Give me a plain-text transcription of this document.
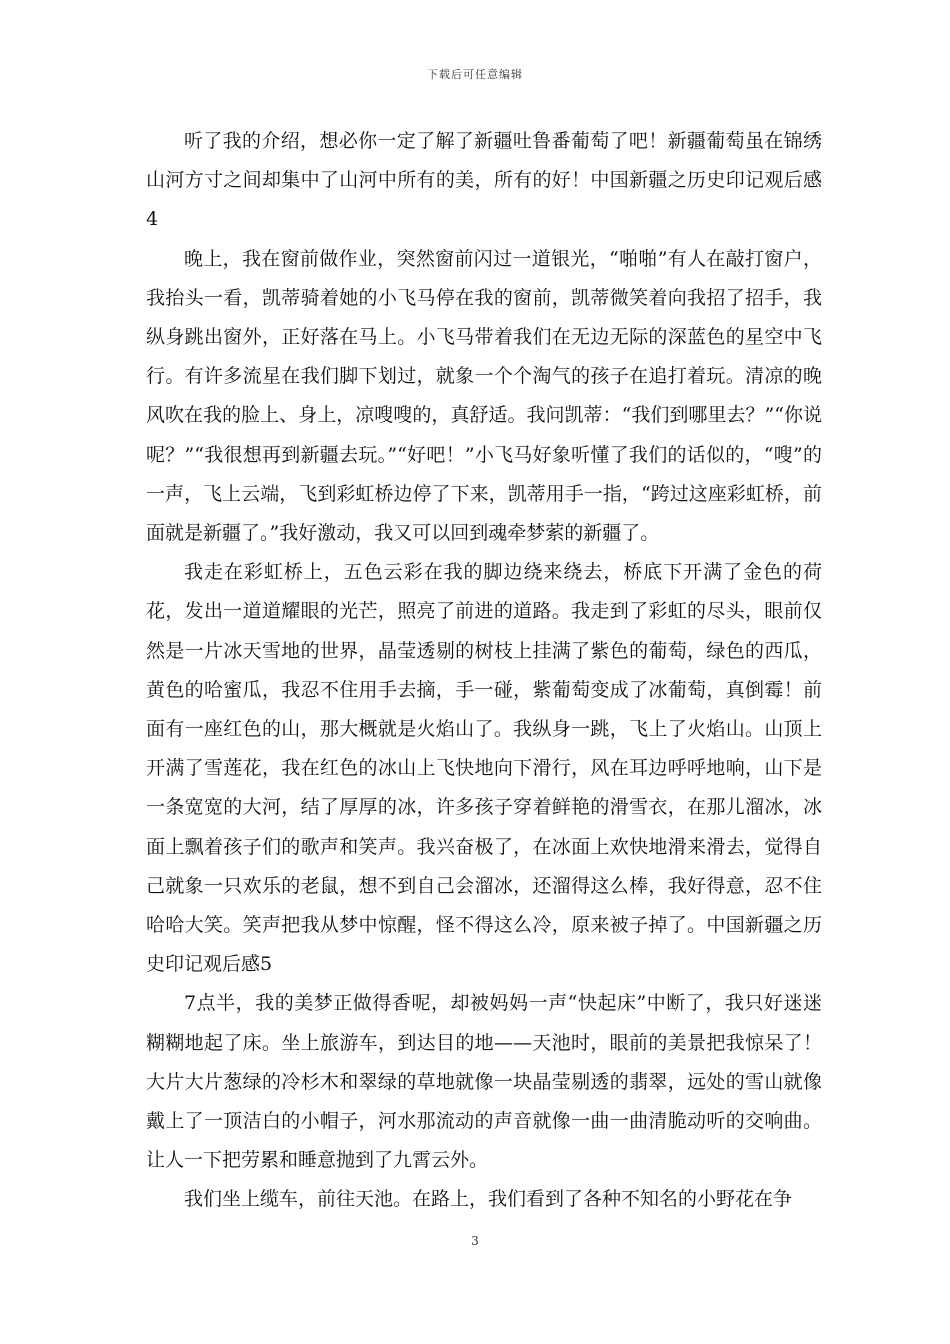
下载后可任意编辑

听了我的介绍，想必你一定了解了新疆吐鲁番葡萄了吧！新疆葡萄虽在锦绣山河方寸之间却集中了山河中所有的美，所有的好！中国新疆之历史印记观后感4

晚上，我在窗前做作业，突然窗前闪过一道银光，“啪啪”有人在敲打窗户，我抬头一看，凯蒂骑着她的小飞马停在我的窗前，凯蒂微笑着向我招了招手，我纵身跳出窗外，正好落在马上。小飞马带着我们在无边无际的深蓝色的星空中飞行。有许多流星在我们脚下划过，就象一个个淘气的孩子在追打着玩。清凉的晚风吹在我的脸上、身上，凉嗖嗖的，真舒适。我问凯蒂：“我们到哪里去？”“你说呢？”“我很想再到新疆去玩。”“好吧！”小飞马好象听懂了我们的话似的，“嗖”的一声，飞上云端，飞到彩虹桥边停了下来，凯蒂用手一指，“跨过这座彩虹桥，前面就是新疆了。”我好激动，我又可以回到魂牵梦萦的新疆了。

我走在彩虹桥上，五色云彩在我的脚边绕来绕去，桥底下开满了金色的荷花，发出一道道耀眼的光芒，照亮了前进的道路。我走到了彩虹的尽头，眼前仅然是一片冰天雪地的世界，晶莹透剔的树枝上挂满了紫色的葡萄，绿色的西瓜，黄色的哈蜜瓜，我忍不住用手去摘，手一碰，紫葡萄变成了冰葡萄，真倒霉！前面有一座红色的山，那大概就是火焰山了。我纵身一跳，飞上了火焰山。山顶上开满了雪莲花，我在红色的冰山上飞快地向下滑行，风在耳边呼呼地响，山下是一条宽宽的大河，结了厚厚的冰，许多孩子穿着鲜艳的滑雪衣，在那儿溜冰，冰面上飘着孩子们的歌声和笑声。我兴奋极了，在冰面上欢快地滑来滑去，觉得自己就象一只欢乐的老鼠，想不到自己会溜冰，还溜得这么棒，我好得意，忍不住哈哈大笑。笑声把我从梦中惊醒，怪不得这么冷，原来被子掉了。中国新疆之历史印记观后感5

7点半，我的美梦正做得香呢，却被妈妈一声“快起床”中断了，我只好迷迷糊糊地起了床。坐上旅游车，到达目的地——天池时，眼前的美景把我惊呆了！大片大片葱绿的冷杉木和翠绿的草地就像一块晶莹剔透的翡翠，远处的雪山就像戴上了一顶洁白的小帽子，河水那流动的声音就像一曲一曲清脆动听的交响曲。让人一下把劳累和睡意抛到了九霄云外。

我们坐上缆车，前往天池。在路上，我们看到了各种不知名的小野花在争

3
